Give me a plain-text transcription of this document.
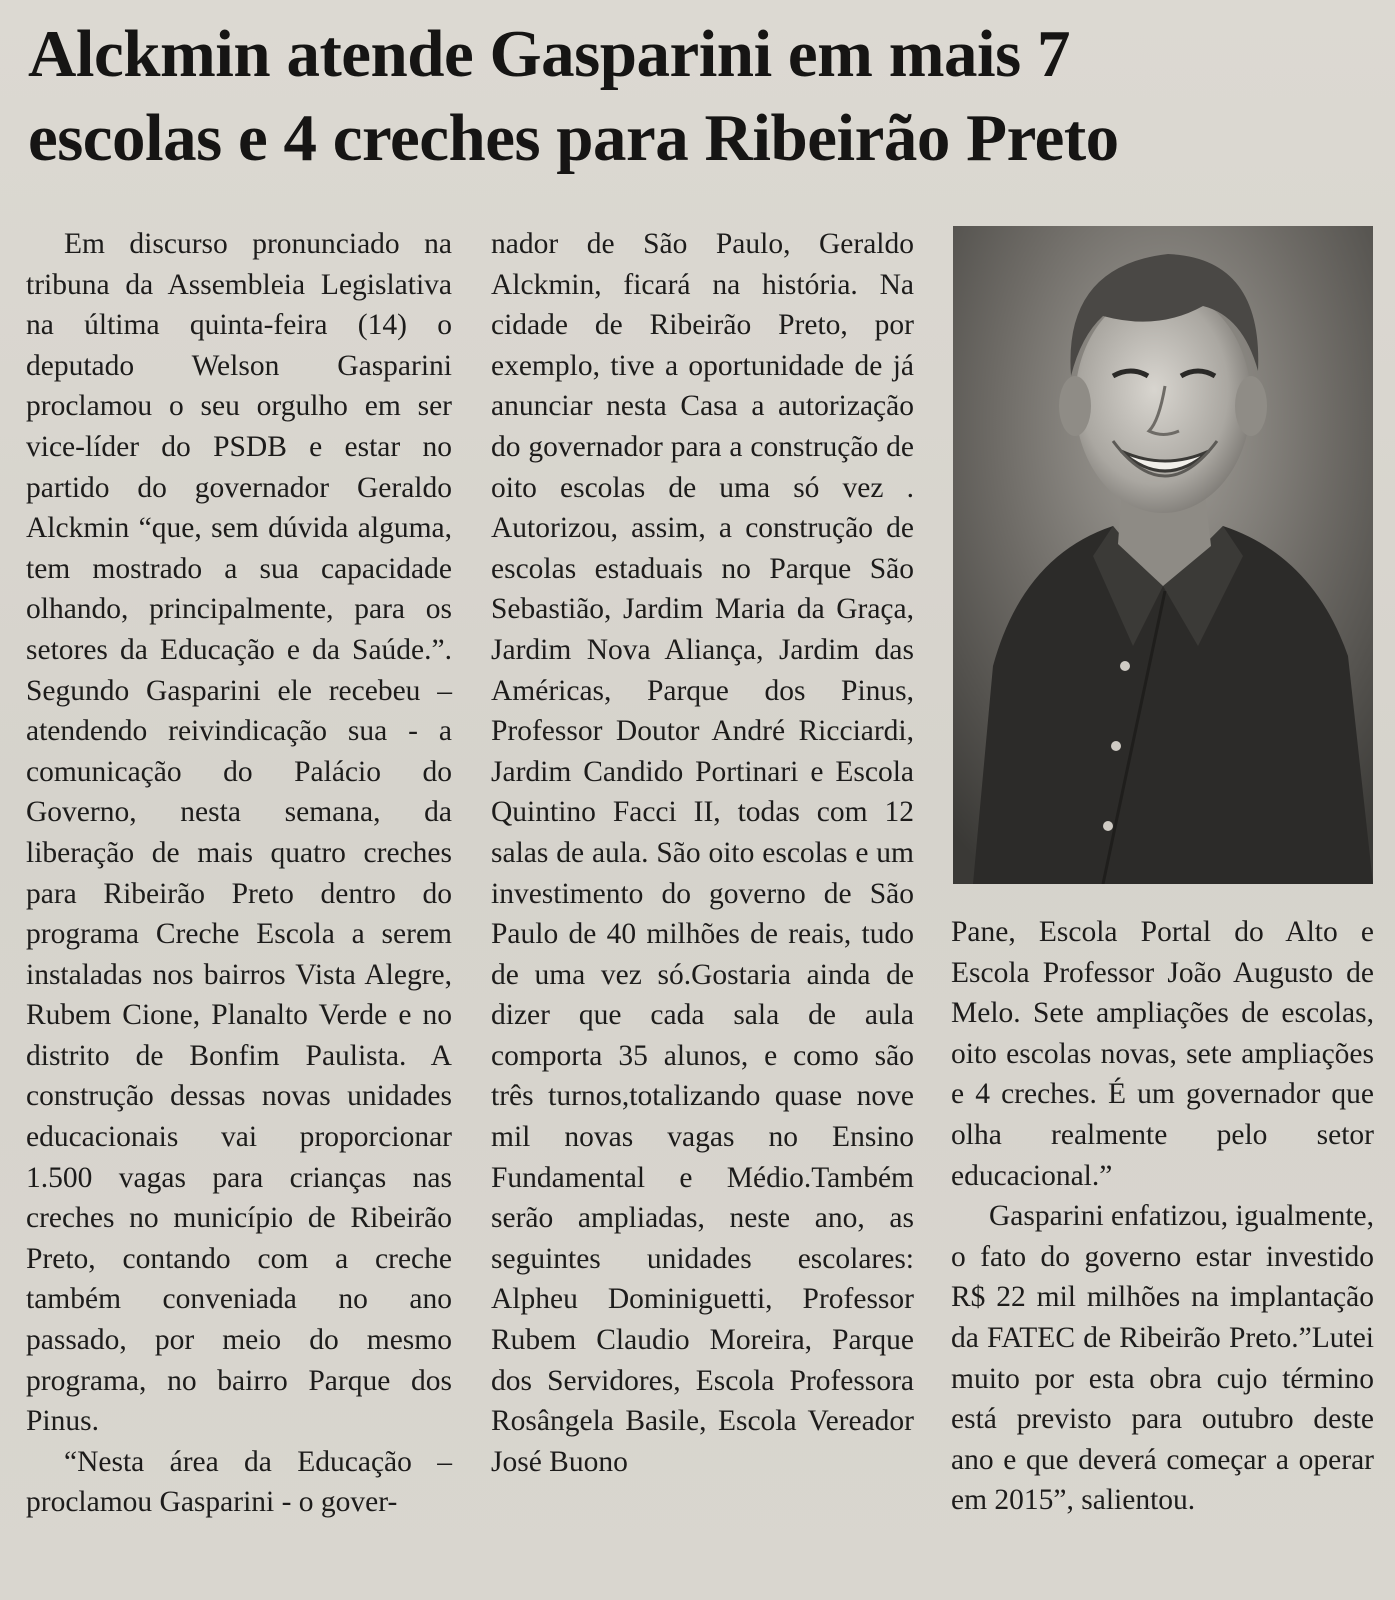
Alckmin atende Gasparini em mais 7
escolas e 4 creches para Ribeirão Preto

Em discurso pronunciado na tribuna da Assembleia Legislativa na última quinta-feira (14) o deputado Welson Gasparini proclamou o seu orgulho em ser vice-líder do PSDB e estar no partido do governador Geraldo Alckmin “que, sem dúvida alguma, tem mostrado a sua capacidade olhando, principalmente, para os setores da Educação e da Saúde.”. Segundo Gasparini ele recebeu – atendendo reivindicação sua - a comunicação do Palácio do Governo, nesta semana, da liberação de mais quatro creches para Ribeirão Preto dentro do programa Creche Escola a serem instaladas nos bairros Vista Alegre, Rubem Cione, Planalto Verde e no distrito de Bonfim Paulista. A construção dessas novas unidades educacionais vai proporcionar 1.500 vagas para crianças nas creches no município de Ribeirão Preto, contando com a creche também conveniada no ano passado, por meio do mesmo programa, no bairro Parque dos Pinus.

“Nesta área da Educação – proclamou Gasparini - o gover-

nador de São Paulo, Geraldo Alckmin, ficará na história. Na cidade de Ribeirão Preto, por exemplo, tive a oportunidade de já anunciar nesta Casa a autorização do governador para a construção de oito escolas de uma só vez . Autorizou, assim, a construção de escolas estaduais no Parque São Sebastião, Jardim Maria da Graça, Jardim Nova Aliança, Jardim das Américas, Parque dos Pinus, Professor Doutor André Ricciardi, Jardim Candido Portinari e Escola Quintino Facci II, todas com 12 salas de aula. São oito escolas e um investimento do governo de São Paulo de 40 milhões de reais, tudo de uma vez só.Gostaria ainda de dizer que cada sala de aula comporta 35 alunos, e como são três turnos,totalizando quase nove mil novas vagas no Ensino Fundamental e Médio.Também serão ampliadas, neste ano, as seguintes unidades escolares: Alpheu Dominiguetti, Professor Rubem Claudio Moreira, Parque dos Servidores, Escola Professora Rosângela Basile, Escola Vereador José Buono

Pane, Escola Portal do Alto e Escola Professor João Augusto de Melo. Sete ampliações de escolas, oito escolas novas, sete ampliações e 4 creches. É um governador que olha realmente pelo setor educacional.”

Gasparini enfatizou, igualmente, o fato do governo estar investido R$ 22 mil milhões na implantação da FATEC de Ribeirão Preto.”Lutei muito por esta obra cujo término está previsto para outubro deste ano e que deverá começar a operar em 2015”, salientou.
